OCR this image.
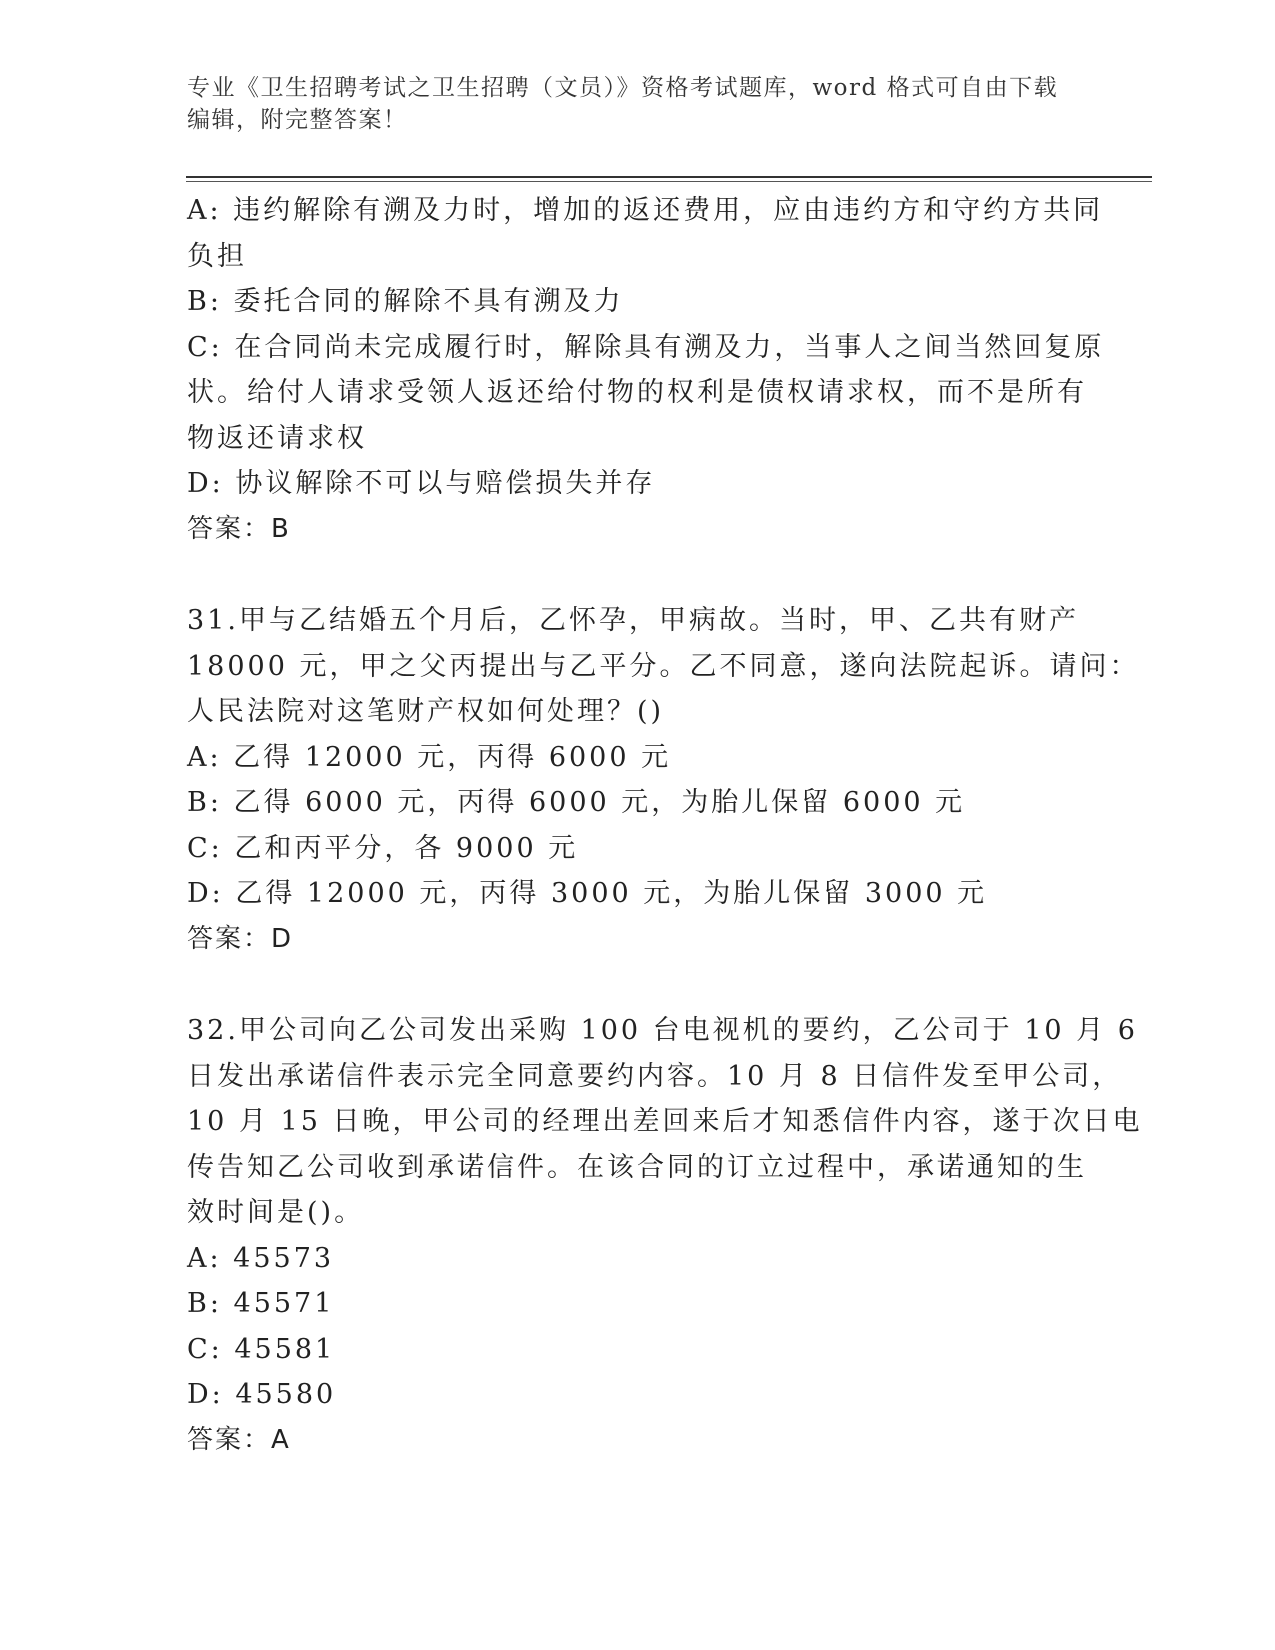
专业《卫生招聘考试之卫生招聘（文员）》资格考试题库，word 格式可自由下载
编辑，附完整答案！
A: 违约解除有溯及力时，增加的返还费用，应由违约方和守约方共同
负担
B: 委托合同的解除不具有溯及力
C: 在合同尚未完成履行时，解除具有溯及力，当事人之间当然回复原
状。给付人请求受领人返还给付物的权利是债权请求权，而不是所有
物返还请求权
D: 协议解除不可以与赔偿损失并存
答案：B
31.甲与乙结婚五个月后，乙怀孕，甲病故。当时，甲、乙共有财产
18000 元，甲之父丙提出与乙平分。乙不同意，遂向法院起诉。请问：
人民法院对这笔财产权如何处理？()
A: 乙得 12000 元，丙得 6000 元
B: 乙得 6000 元，丙得 6000 元，为胎儿保留 6000 元
C: 乙和丙平分，各 9000 元
D: 乙得 12000 元，丙得 3000 元，为胎儿保留 3000 元
答案：D
32.甲公司向乙公司发出采购 100 台电视机的要约，乙公司于 10 月 6
日发出承诺信件表示完全同意要约内容。10 月 8 日信件发至甲公司，
10 月 15 日晚，甲公司的经理出差回来后才知悉信件内容，遂于次日电
传告知乙公司收到承诺信件。在该合同的订立过程中，承诺通知的生
效时间是()。
A: 45573
B: 45571
C: 45581
D: 45580
答案：A
